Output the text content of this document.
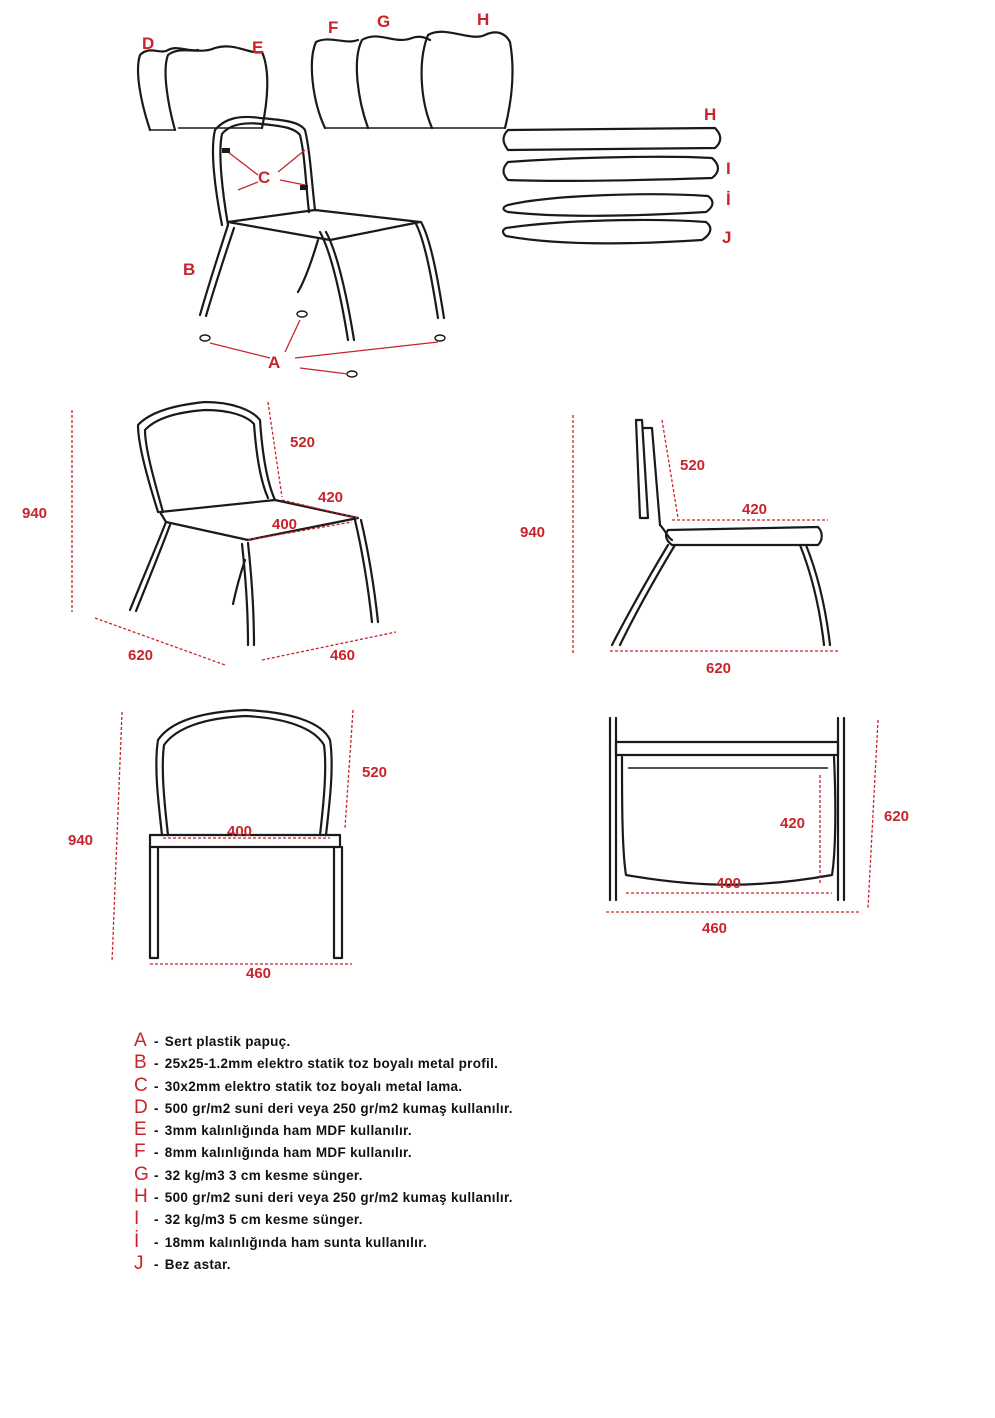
D	E
F G	H
A
B
C
H
I
İ
J
940
520
420
400
620	460
940
520
420
620
940
520
400
460
620
420
400
460
A - Sert plastik papuç.
B - 25x25-1.2mm elektro statik toz boyalı metal profil.
C - 30x2mm elektro statik toz boyalı metal lama.
D - 500 gr/m2 suni deri veya 250 gr/m2 kumaş kullanılır.
E - 3mm kalınlığında ham MDF kullanılır.
F - 8mm kalınlığında ham MDF kullanılır.
G - 32 kg/m3 3 cm kesme sünger.
H - 500 gr/m2 suni deri veya 250 gr/m2 kumaş kullanılır.
I - 32 kg/m3 5 cm kesme sünger.
İ - 18mm kalınlığında ham sunta kullanılır.
J - Bez astar.
